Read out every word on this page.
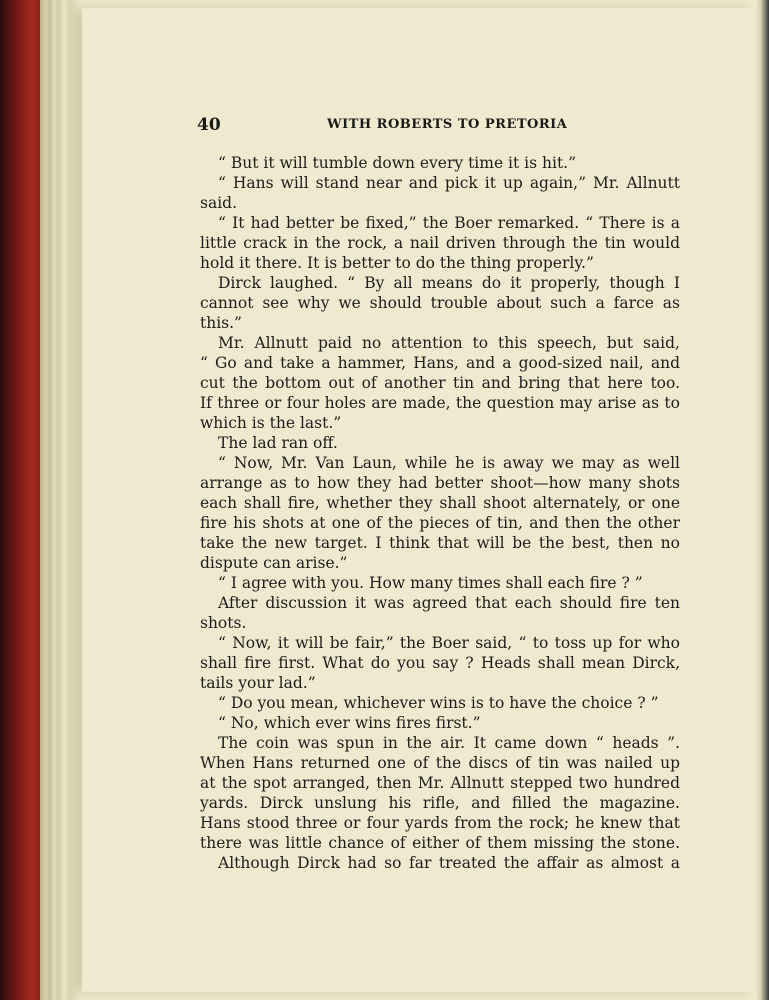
40	WITH ROBERTS TO PRETORIA
“ But it will tumble down every time it is hit.”
“ Hans will stand near and pick it up again,” Mr. Allnutt
said.
“ It had better be fixed,” the Boer remarked. “ There is a
little crack in the rock, a nail driven through the tin would
hold it there. It is better to do the thing properly.”
Dirck laughed. “ By all means do it properly, though I
cannot see why we should trouble about such a farce as
this.”
Mr. Allnutt paid no attention to this speech, but said,
“ Go and take a hammer, Hans, and a good-sized nail, and
cut the bottom out of another tin and bring that here too.
If three or four holes are made, the question may arise as to
which is the last.”
The lad ran off.
“ Now, Mr. Van Laun, while he is away we may as well
arrange as to how they had better shoot—how many shots
each shall fire, whether they shall shoot alternately, or one
fire his shots at one of the pieces of tin, and then the other
take the new target. I think that will be the best, then no
dispute can arise.”
“ I agree with you. How many times shall each fire ? ”
After discussion it was agreed that each should fire ten
shots.
“ Now, it will be fair,” the Boer said, “ to toss up for who
shall fire first. What do you say ? Heads shall mean Dirck,
tails your lad.”
“ Do you mean, whichever wins is to have the choice ? ”
“ No, which ever wins fires first.”
The coin was spun in the air. It came down “ heads ”.
When Hans returned one of the discs of tin was nailed up
at the spot arranged, then Mr. Allnutt stepped two hundred
yards. Dirck unslung his rifle, and filled the magazine.
Hans stood three or four yards from the rock; he knew that
there was little chance of either of them missing the stone.
Although Dirck had so far treated the affair as almost a
